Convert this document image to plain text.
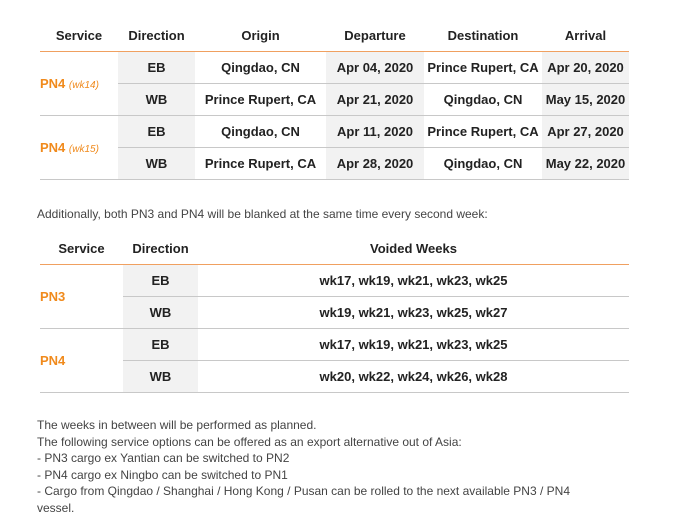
Service	Direction	Origin	Departure	Destination	Arrival
PN4 (wk14)	EB	Qingdao, CN	Apr 04, 2020	Prince Rupert, CA	Apr 20, 2020
	WB	Prince Rupert, CA	Apr 21, 2020	Qingdao, CN	May 15, 2020
PN4 (wk15)	EB	Qingdao, CN	Apr 11, 2020	Prince Rupert, CA	Apr 27, 2020
	WB	Prince Rupert, CA	Apr 28, 2020	Qingdao, CN	May 22, 2020

Additionally, both PN3 and PN4 will be blanked at the same time every second week:

Service	Direction	Voided Weeks
PN3	EB	wk17, wk19, wk21, wk23, wk25
	WB	wk19, wk21, wk23, wk25, wk27
PN4	EB	wk17, wk19, wk21, wk23, wk25
	WB	wk20, wk22, wk24, wk26, wk28
The weeks in between will be performed as planned.
The following service options can be offered as an export alternative out of Asia:
- PN3 cargo ex Yantian can be switched to PN2
- PN4 cargo ex Ningbo can be switched to PN1
- Cargo from Qingdao / Shanghai / Hong Kong / Pusan can be rolled to the next available PN3 / PN4
vessel.
